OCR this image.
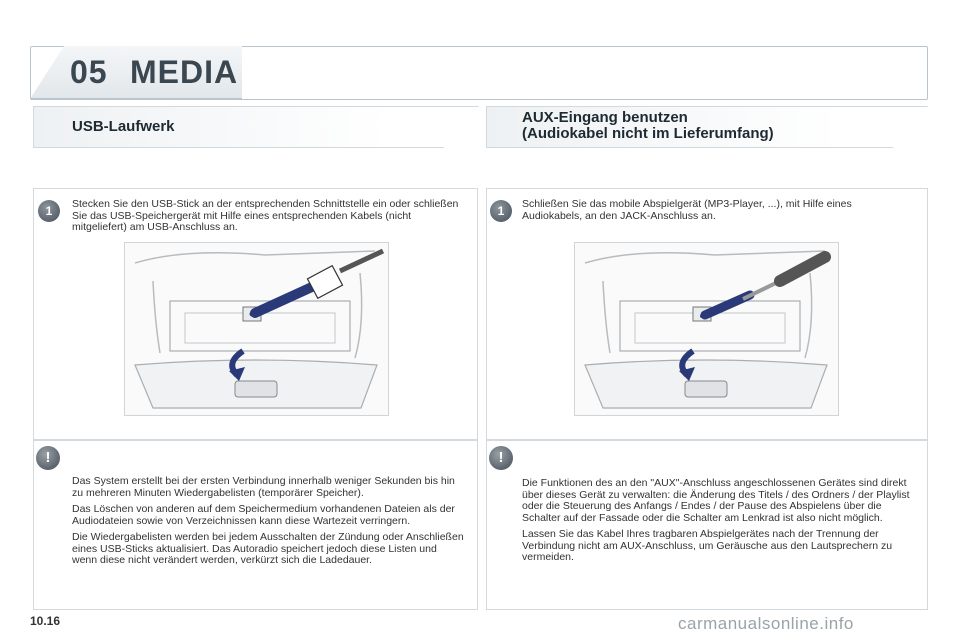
05 MEDIA
USB-Laufwerk
AUX-Eingang benutzen
(Audiokabel nicht im Lieferumfang)
1	Stecken Sie den USB-Stick an der entsprechenden Schnittstelle ein oder schließen Sie das USB-Speichergerät mit Hilfe eines entsprechenden Kabels (nicht mitgeliefert) am USB-Anschluss an.
!

Das System erstellt bei der ersten Verbindung innerhalb weniger Sekunden bis hin zu mehreren Minuten Wiedergabelisten (temporärer Speicher).

Das Löschen von anderen auf dem Speichermedium vorhandenen Dateien als der Audiodateien sowie von Verzeichnissen kann diese Wartezeit verringern.

Die Wiedergabelisten werden bei jedem Ausschalten der Zündung oder Anschließen eines USB-Sticks aktualisiert. Das Autoradio speichert jedoch diese Listen und wenn diese nicht verändert werden, verkürzt sich die Ladedauer.

1	Schließen Sie das mobile Abspielgerät (MP3-Player, ...), mit Hilfe eines Audiokabels, an den JACK-Anschluss an.
!

Die Funktionen des an den "AUX"-Anschluss angeschlossenen Gerätes sind direkt über dieses Gerät zu verwalten: die Änderung des Titels / des Ordners / der Playlist oder die Steuerung des Anfangs / Endes / der Pause des Abspielens über die Schalter auf der Fassade oder die Schalter am Lenkrad ist also nicht möglich.

Lassen Sie das Kabel Ihres tragbaren Abspielgerätes nach der Trennung der Verbindung nicht am AUX-Anschluss, um Geräusche aus den Lautsprechern zu vermeiden.

10.16	carmanualsonline.info
